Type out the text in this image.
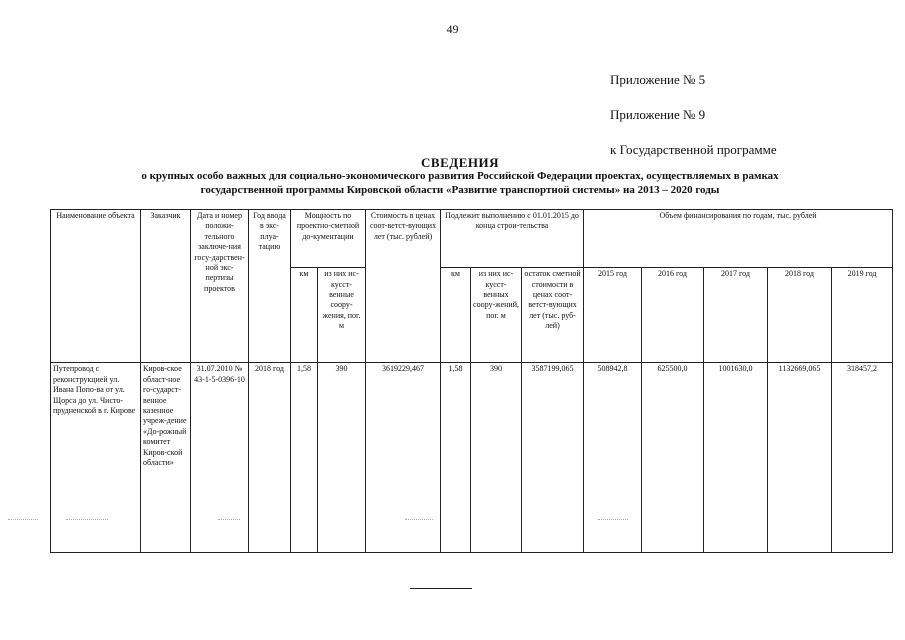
49
Приложение № 5
Приложение № 9
к Государственной программе
СВЕДЕНИЯ
о крупных особо важных для социально-экономического развития Российской Федерации проектах, осуществляемых в рамках
государственной программы Кировской области «Развитие транспортной системы» на 2013 – 2020 годы
Наименование объекта	Заказчик	Дата и номер положи-тельного заключе-ния госу-дарствен-ной экс-пертизы проектов	Год ввода в экс-плуа-тацию	Мощность по проектно-сметной до-кументации		Стоимость в ценах соот-ветст-вующих лет (тыс. рублей)	Подлежит выполнению с 01.01.2015 до конца строи-тельства			Объем финансирования по годам, тыс. рублей				
				км	из них ис-кусст-венные соору-жения, пог. м		км	из них ис-кусст-венных соору-жений, пог. м	остаток сметной стоимости в ценах соот-ветст-вующих лет (тыс. руб-лей)	2015 год	2016 год	2017 год	2018 год	2019 год
Путепровод с реконструкцией ул. Ивана Попо-ва от ул. Щорса до ул. Чисто-прудненской в г. Кирове	Киров-ское област-ное го-сударст-венное казенное учреж-дение «До-рожный комитет Киров-ской области»	31.07.2010 № 43-1-5-0396-10	2018 год	1,58	390	3619229,467	1,58	390	3587199,065	508942,8	625500,0	1001630,0	1132669,065	318457,2
